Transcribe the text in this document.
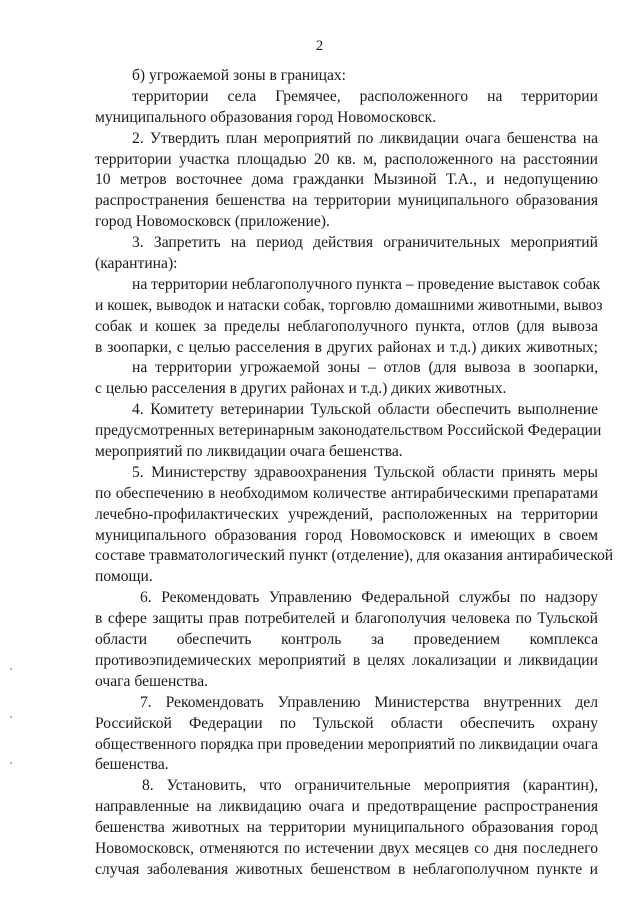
2
б) угрожаемой зоны в границах:
территории села Гремячее, расположенного на территории
муниципального образования город Новомосковск.
2. Утвердить план мероприятий по ликвидации очага бешенства на
территории участка площадью 20 кв. м, расположенного на расстоянии
10 метров восточнее дома гражданки Мызиной Т.А., и недопущению
распространения бешенства на территории муниципального образования
город Новомосковск (приложение).
3. Запретить на период действия ограничительных мероприятий
(карантина):
на территории неблагополучного пункта – проведение выставок собак
и кошек, выводок и натаски собак, торговлю домашними животными, вывоз
собак и кошек за пределы неблагополучного пункта, отлов (для вывоза
в зоопарки, с целью расселения в других районах и т.д.) диких животных;
на территории угрожаемой зоны – отлов (для вывоза в зоопарки,
с целью расселения в других районах и т.д.) диких животных.
4. Комитету ветеринарии Тульской области обеспечить выполнение
предусмотренных ветеринарным законодательством Российской Федерации
мероприятий по ликвидации очага бешенства.
5. Министерству здравоохранения Тульской области принять меры
по обеспечению в необходимом количестве антирабическими препаратами
лечебно-профилактических учреждений, расположенных на территории
муниципального образования город Новомосковск и имеющих в своем
составе травматологический пункт (отделение), для оказания антирабической
помощи.
6. Рекомендовать Управлению Федеральной службы по надзору
в сфере защиты прав потребителей и благополучия человека по Тульской
области обеспечить контроль за проведением комплекса
противоэпидемических мероприятий в целях локализации и ликвидации
очага бешенства.
7. Рекомендовать Управлению Министерства внутренних дел
Российской Федерации по Тульской области обеспечить охрану
общественного порядка при проведении мероприятий по ликвидации очага
бешенства.
8. Установить, что ограничительные мероприятия (карантин),
направленные на ликвидацию очага и предотвращение распространения
бешенства животных на территории муниципального образования город
Новомосковск, отменяются по истечении двух месяцев со дня последнего
случая заболевания животных бешенством в неблагополучном пункте и
